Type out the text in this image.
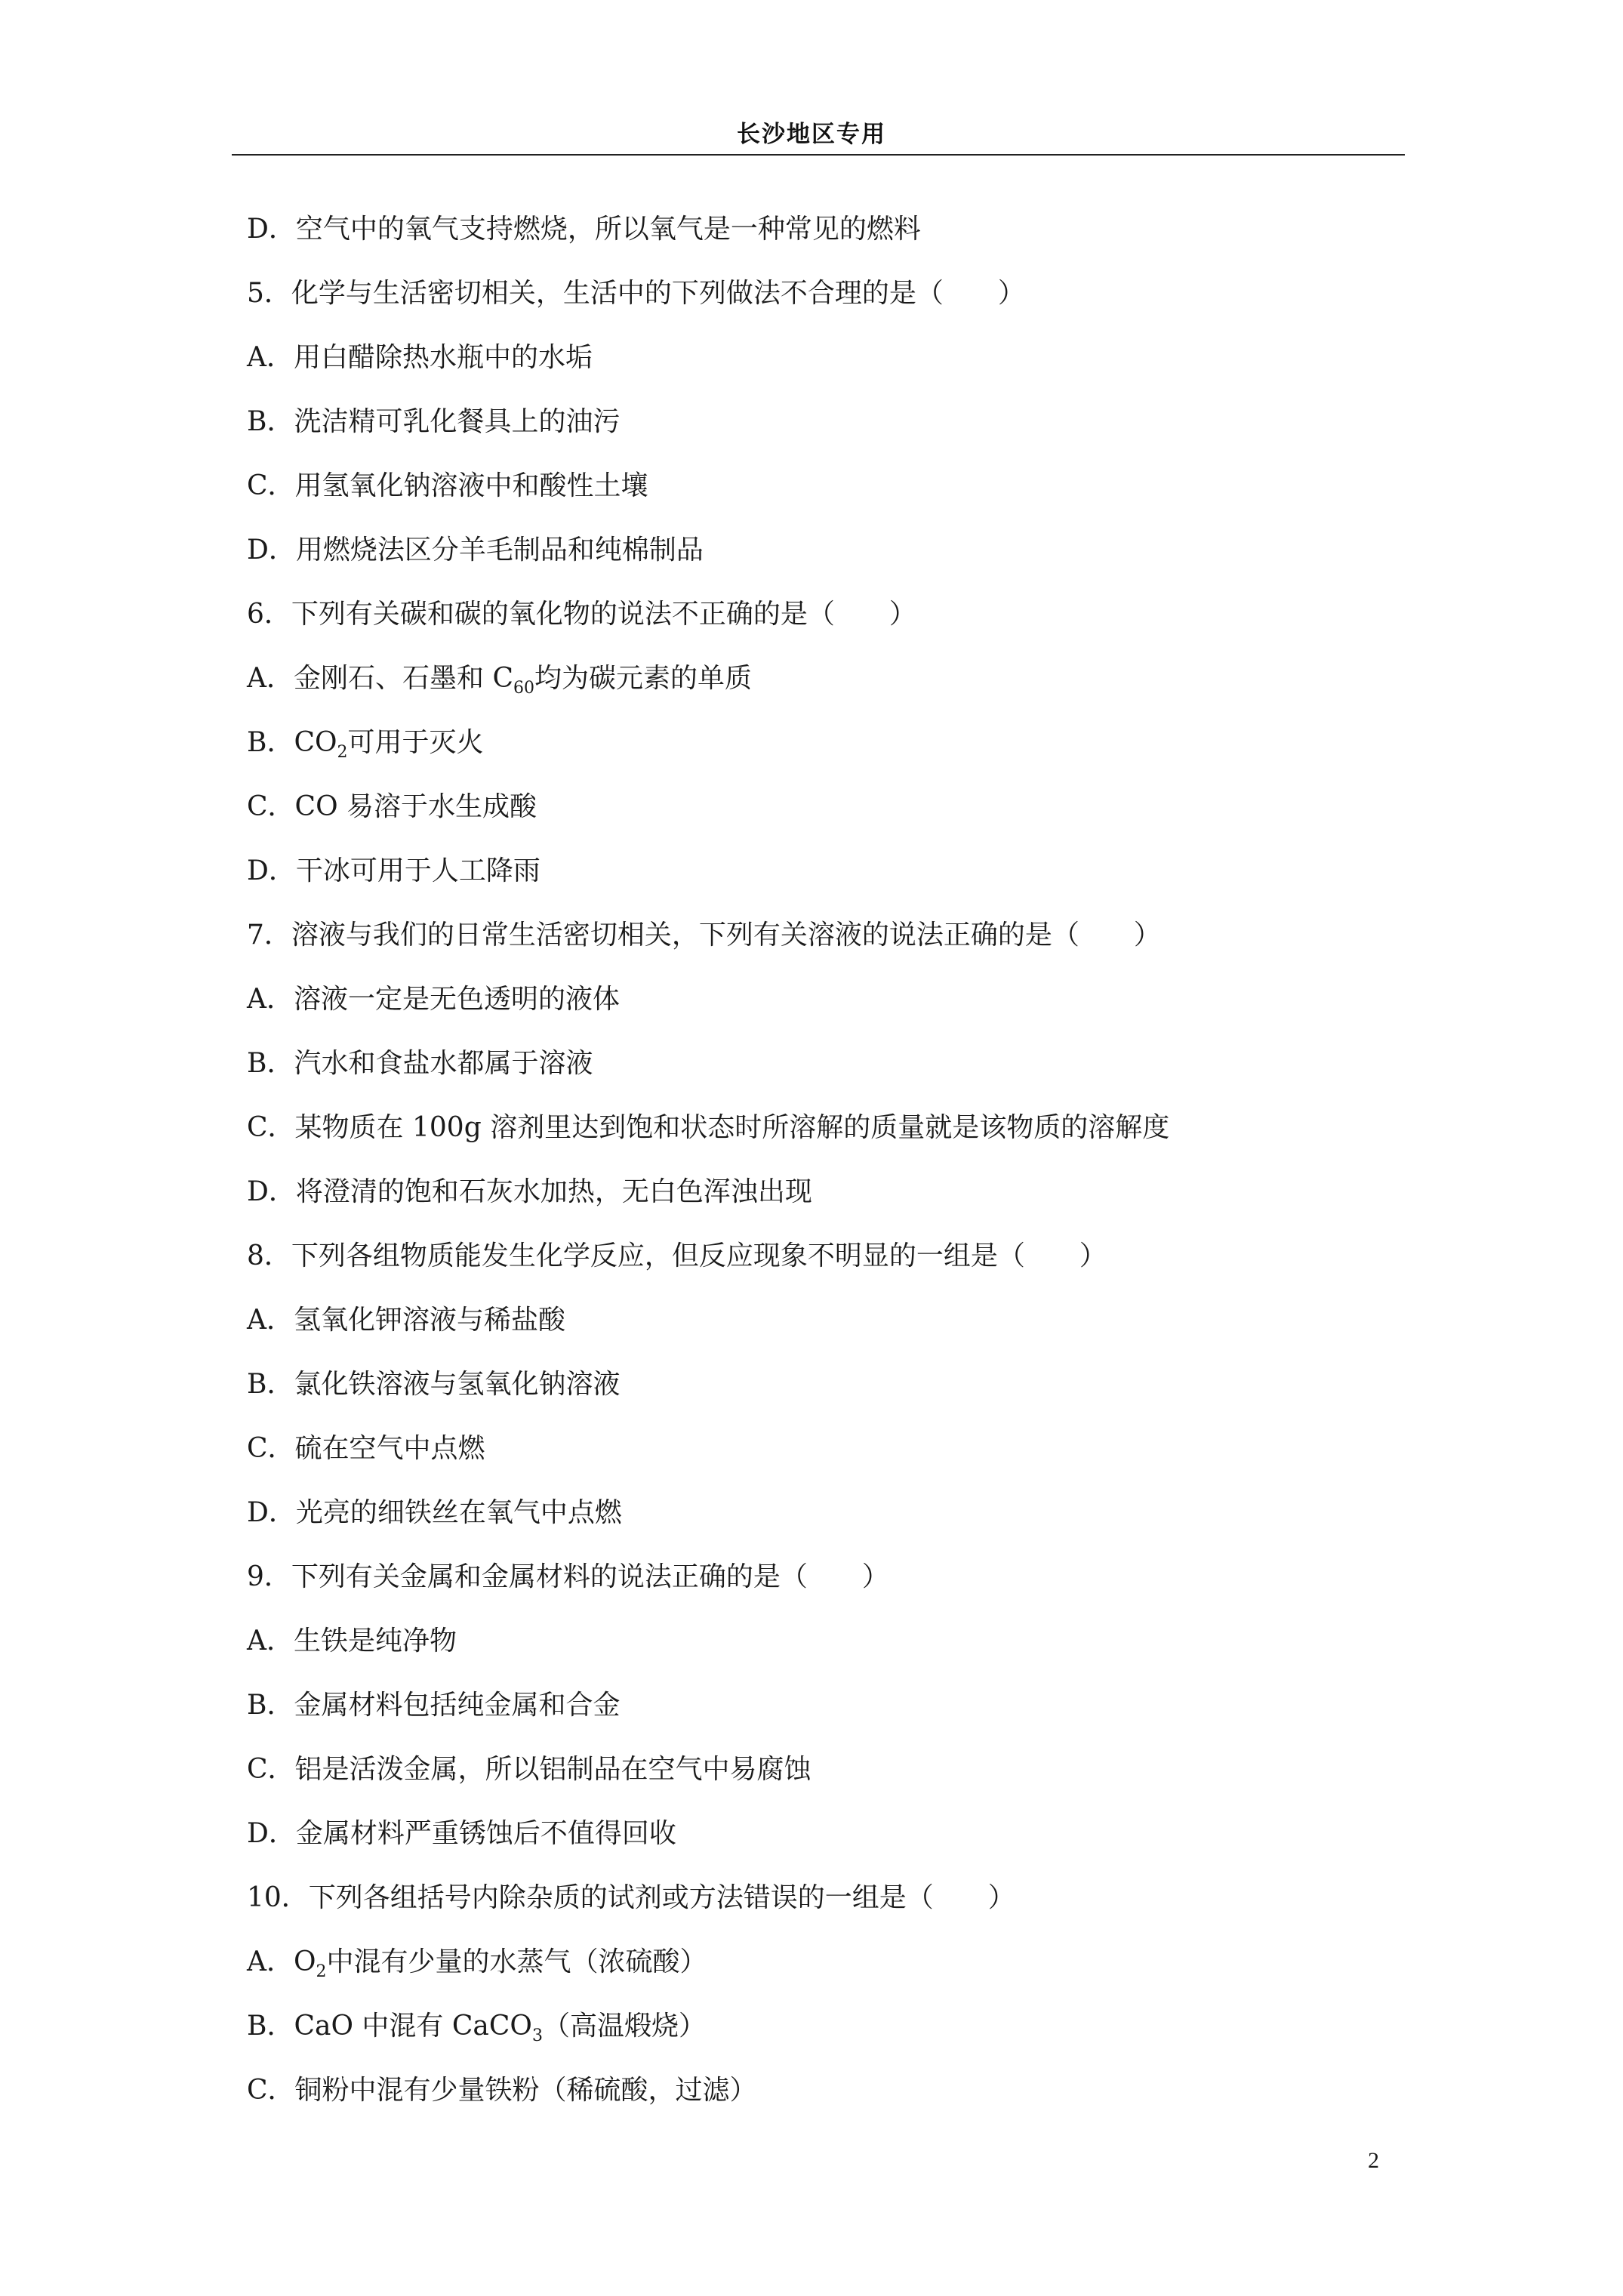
长沙地区专用
D．空气中的氧气支持燃烧，所以氧气是一种常见的燃料
5．化学与生活密切相关，生活中的下列做法不合理的是（　　）
A．用白醋除热水瓶中的水垢
B．洗洁精可乳化餐具上的油污
C．用氢氧化钠溶液中和酸性土壤
D．用燃烧法区分羊毛制品和纯棉制品
6．下列有关碳和碳的氧化物的说法不正确的是（　　）
A．金刚石、石墨和 $C_{60}$均为碳元素的单质
B．$CO_2$可用于灭火
C．CO 易溶于水生成酸
D．干冰可用于人工降雨
7．溶液与我们的日常生活密切相关，下列有关溶液的说法正确的是（　　）
A．溶液一定是无色透明的液体
B．汽水和食盐水都属于溶液
C．某物质在 100g 溶剂里达到饱和状态时所溶解的质量就是该物质的溶解度
D．将澄清的饱和石灰水加热，无白色浑浊出现
8．下列各组物质能发生化学反应，但反应现象不明显的一组是（　　）
A．氢氧化钾溶液与稀盐酸
B．氯化铁溶液与氢氧化钠溶液
C．硫在空气中点燃
D．光亮的细铁丝在氧气中点燃
9．下列有关金属和金属材料的说法正确的是（　　）
A．生铁是纯净物
B．金属材料包括纯金属和合金
C．铝是活泼金属，所以铝制品在空气中易腐蚀
D．金属材料严重锈蚀后不值得回收
10．下列各组括号内除杂质的试剂或方法错误的一组是（　　）
A．$O_2$中混有少量的水蒸气（浓硫酸）
B．CaO 中混有 CaCO$_3$（高温煅烧）
C．铜粉中混有少量铁粉（稀硫酸，过滤）
2
